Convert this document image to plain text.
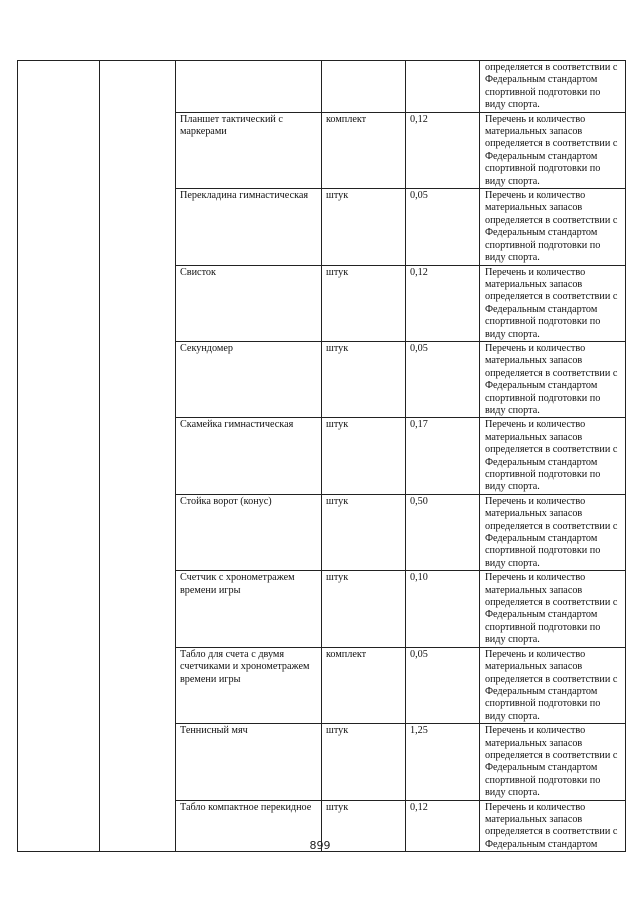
					определяется в соответствии с Федеральным стандартом спортивной подготовки по виду спорта.
		Планшет тактический с маркерами	комплект	0,12	Перечень и количество материальных запасов определяется в соответствии с Федеральным стандартом спортивной подготовки по виду спорта.
		Перекладина гимнастическая	штук	0,05	Перечень и количество материальных запасов определяется в соответствии с Федеральным стандартом спортивной подготовки по виду спорта.
		Свисток	штук	0,12	Перечень и количество материальных запасов определяется в соответствии с Федеральным стандартом спортивной подготовки по виду спорта.
		Секундомер	штук	0,05	Перечень и количество материальных запасов определяется в соответствии с Федеральным стандартом спортивной подготовки по виду спорта.
		Скамейка гимнастическая	штук	0,17	Перечень и количество материальных запасов определяется в соответствии с Федеральным стандартом спортивной подготовки по виду спорта.
		Стойка ворот (конус)	штук	0,50	Перечень и количество материальных запасов определяется в соответствии с Федеральным стандартом спортивной подготовки по виду спорта.
		Счетчик с хронометражем времени игры	штук	0,10	Перечень и количество материальных запасов определяется в соответствии с Федеральным стандартом спортивной подготовки по виду спорта.
		Табло для счета с двумя счетчиками и хронометражем времени игры	комплект	0,05	Перечень и количество материальных запасов определяется в соответствии с Федеральным стандартом спортивной подготовки по виду спорта.
		Теннисный мяч	штук	1,25	Перечень и количество материальных запасов определяется в соответствии с Федеральным стандартом спортивной подготовки по виду спорта.
		Табло компактное перекидное	штук	0,12	Перечень и количество материальных запасов определяется в соответствии с Федеральным стандартом
899
